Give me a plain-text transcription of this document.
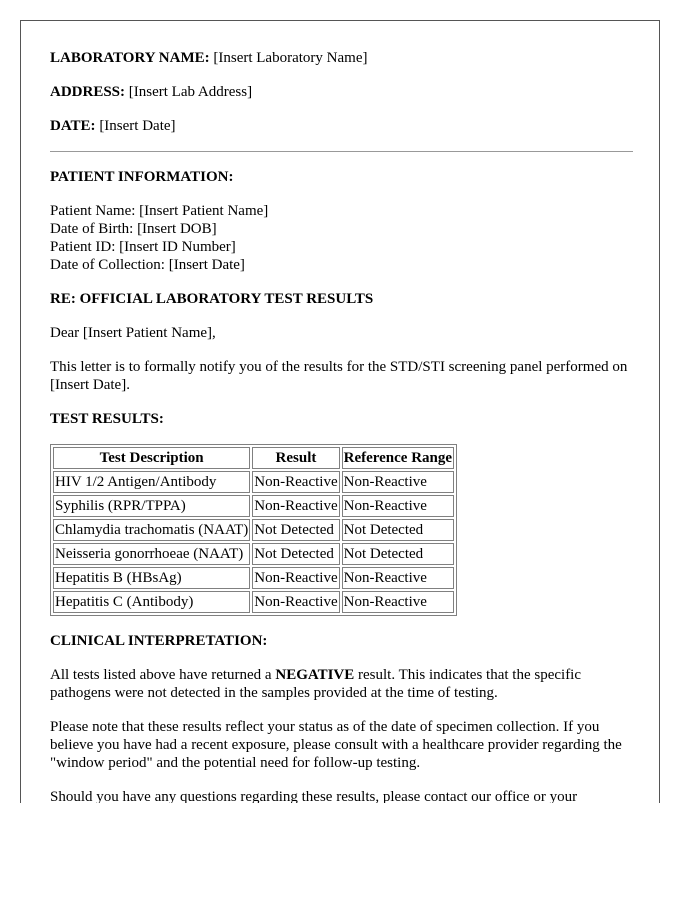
LABORATORY NAME: [Insert Laboratory Name]
ADDRESS: [Insert Lab Address]
DATE: [Insert Date]
PATIENT INFORMATION:
Patient Name: [Insert Patient Name]
Date of Birth: [Insert DOB]
Patient ID: [Insert ID Number]
Date of Collection: [Insert Date]
RE: OFFICIAL LABORATORY TEST RESULTS

Dear [Insert Patient Name],

This letter is to formally notify you of the results for the STD/STI screening panel performed on [Insert Date].

TEST RESULTS:
Test Description	Result	Reference Range
HIV 1/2 Antigen/Antibody	Non-Reactive	Non-Reactive
Syphilis (RPR/TPPA)	Non-Reactive	Non-Reactive
Chlamydia trachomatis (NAAT)	Not Detected	Not Detected
Neisseria gonorrhoeae (NAAT)	Not Detected	Not Detected
Hepatitis B (HBsAg)	Non-Reactive	Non-Reactive
Hepatitis C (Antibody)	Non-Reactive	Non-Reactive
CLINICAL INTERPRETATION:

All tests listed above have returned a NEGATIVE result. This indicates that the specific pathogens were not detected in the samples provided at the time of testing.

Please note that these results reflect your status as of the date of specimen collection. If you believe you have had a recent exposure, please consult with a healthcare provider regarding the "window period" and the potential need for follow-up testing.

Should you have any questions regarding these results, please contact our office or your
